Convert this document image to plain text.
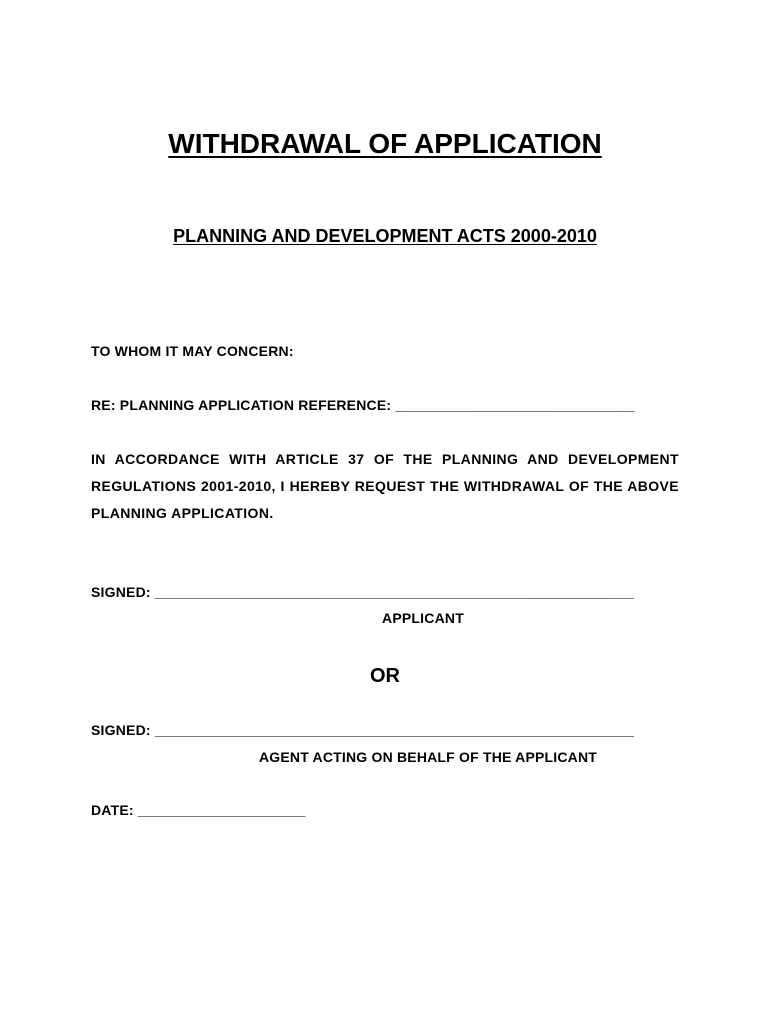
WITHDRAWAL OF APPLICATION
PLANNING AND DEVELOPMENT ACTS 2000-2010
TO WHOM IT MAY CONCERN:
RE: PLANNING APPLICATION REFERENCE: ______________________________
IN ACCORDANCE WITH ARTICLE 37 OF THE PLANNING AND DEVELOPMENT REGULATIONS 2001-2010, I HEREBY REQUEST THE WITHDRAWAL OF THE ABOVE PLANNING APPLICATION.
SIGNED: ____________________________________________________________
APPLICANT
OR
SIGNED: ____________________________________________________________
AGENT ACTING ON BEHALF OF THE APPLICANT
DATE: _____________________
